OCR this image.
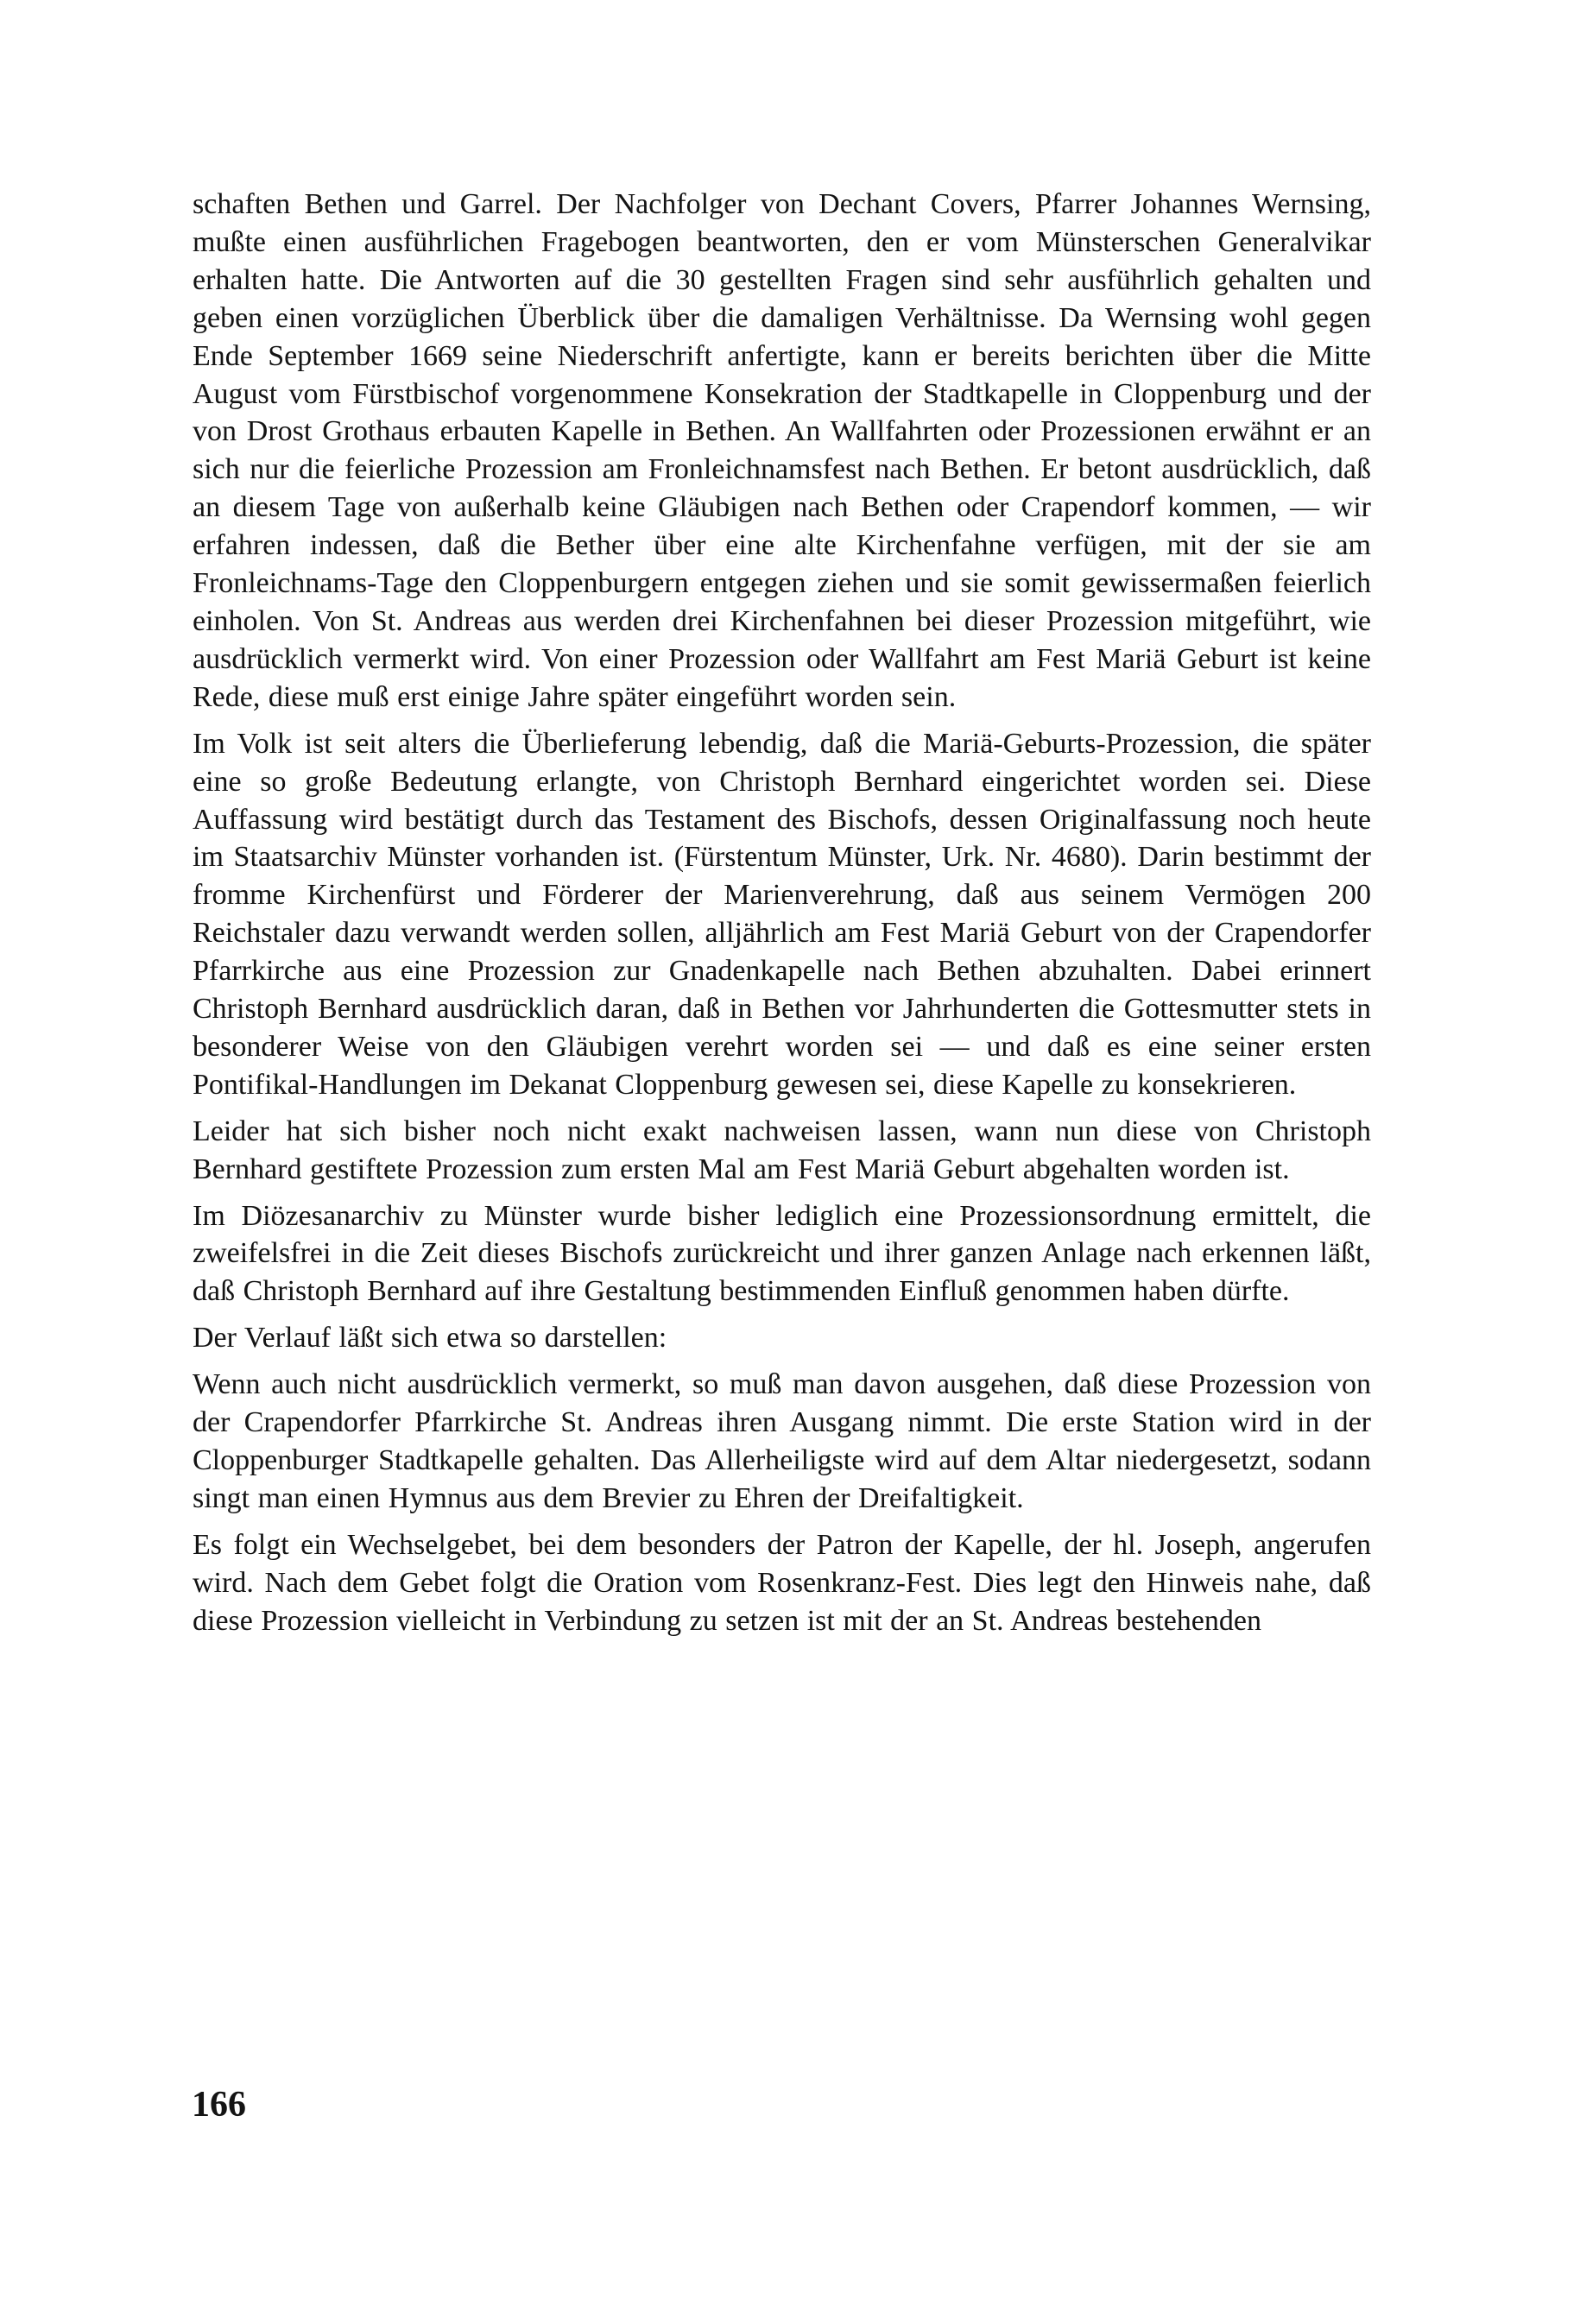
schaften Bethen und Garrel. Der Nachfolger von Dechant Covers, Pfarrer Johannes Wernsing, mußte einen ausführlichen Fragebogen beantworten, den er vom Münsterschen Generalvikar erhalten hatte. Die Antworten auf die 30 gestellten Fragen sind sehr ausführlich gehalten und geben einen vorzüglichen Überblick über die damaligen Verhältnisse. Da Wernsing wohl gegen Ende September 1669 seine Niederschrift anfertigte, kann er bereits berichten über die Mitte August vom Fürstbischof vorgenommene Konsekration der Stadtkapelle in Cloppenburg und der von Drost Grothaus erbauten Kapelle in Bethen. An Wallfahrten oder Prozessionen erwähnt er an sich nur die feierliche Prozession am Fronleichnamsfest nach Bethen. Er betont ausdrücklich, daß an diesem Tage von außerhalb keine Gläubigen nach Bethen oder Crapendorf kommen, — wir erfahren indessen, daß die Bether über eine alte Kirchenfahne verfügen, mit der sie am Fronleichnams-Tage den Cloppenburgern entgegen ziehen und sie somit gewissermaßen feierlich einholen. Von St. Andreas aus werden drei Kirchenfahnen bei dieser Prozession mitgeführt, wie ausdrücklich vermerkt wird. Von einer Prozession oder Wallfahrt am Fest Mariä Geburt ist keine Rede, diese muß erst einige Jahre später eingeführt worden sein.

Im Volk ist seit alters die Überlieferung lebendig, daß die Mariä-Geburts-Prozession, die später eine so große Bedeutung erlangte, von Christoph Bernhard eingerichtet worden sei. Diese Auffassung wird bestätigt durch das Testament des Bischofs, dessen Originalfassung noch heute im Staatsarchiv Münster vorhanden ist. (Fürstentum Münster, Urk. Nr. 4680). Darin bestimmt der fromme Kirchenfürst und Förderer der Marienverehrung, daß aus seinem Vermögen 200 Reichstaler dazu verwandt werden sollen, alljährlich am Fest Mariä Geburt von der Crapendorfer Pfarrkirche aus eine Prozession zur Gnadenkapelle nach Bethen abzuhalten. Dabei erinnert Christoph Bernhard ausdrücklich daran, daß in Bethen vor Jahrhunderten die Gottesmutter stets in besonderer Weise von den Gläubigen verehrt worden sei — und daß es eine seiner ersten Pontifikal-Handlungen im Dekanat Cloppenburg gewesen sei, diese Kapelle zu konsekrieren.

Leider hat sich bisher noch nicht exakt nachweisen lassen, wann nun diese von Christoph Bernhard gestiftete Prozession zum ersten Mal am Fest Mariä Geburt abgehalten worden ist.

Im Diözesanarchiv zu Münster wurde bisher lediglich eine Prozessionsordnung ermittelt, die zweifelsfrei in die Zeit dieses Bischofs zurückreicht und ihrer ganzen Anlage nach erkennen läßt, daß Christoph Bernhard auf ihre Gestaltung bestimmenden Einfluß genommen haben dürfte.

Der Verlauf läßt sich etwa so darstellen:

Wenn auch nicht ausdrücklich vermerkt, so muß man davon ausgehen, daß diese Prozession von der Crapendorfer Pfarrkirche St. Andreas ihren Ausgang nimmt. Die erste Station wird in der Cloppenburger Stadtkapelle gehalten. Das Allerheiligste wird auf dem Altar niedergesetzt, sodann singt man einen Hymnus aus dem Brevier zu Ehren der Dreifaltigkeit.

Es folgt ein Wechselgebet, bei dem besonders der Patron der Kapelle, der hl. Joseph, angerufen wird. Nach dem Gebet folgt die Oration vom Rosenkranz-Fest. Dies legt den Hinweis nahe, daß diese Prozession vielleicht in Verbindung zu setzen ist mit der an St. Andreas bestehenden

166
